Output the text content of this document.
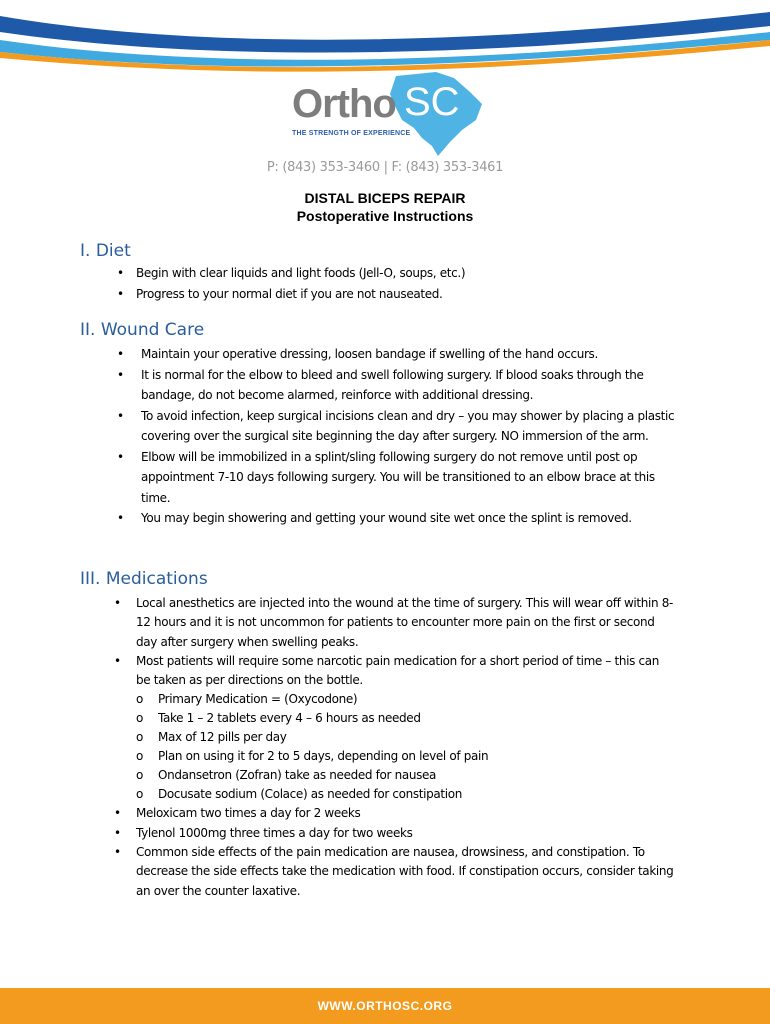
Ortho SC
THE STRENGTH OF EXPERIENCE
P: (843) 353-3460 | F: (843) 353-3461
DISTAL BICEPS REPAIR
Postoperative Instructions
I. Diet
• Begin with clear liquids and light foods (Jell-O, soups, etc.)
• Progress to your normal diet if you are not nauseated.
II. Wound Care
• Maintain your operative dressing, loosen bandage if swelling of the hand occurs.
• It is normal for the elbow to bleed and swell following surgery. If blood soaks through the bandage, do not become alarmed, reinforce with additional dressing.
• To avoid infection, keep surgical incisions clean and dry – you may shower by placing a plastic covering over the surgical site beginning the day after surgery. NO immersion of the arm.
• Elbow will be immobilized in a splint/sling following surgery do not remove until post op appointment 7-10 days following surgery. You will be transitioned to an elbow brace at this time.
• You may begin showering and getting your wound site wet once the splint is removed.
III. Medications
• Local anesthetics are injected into the wound at the time of surgery. This will wear off within 8-12 hours and it is not uncommon for patients to encounter more pain on the first or second day after surgery when swelling peaks.
• Most patients will require some narcotic pain medication for a short period of time – this can be taken as per directions on the bottle.
o Primary Medication = (Oxycodone)
o Take 1 – 2 tablets every 4 – 6 hours as needed
o Max of 12 pills per day
o Plan on using it for 2 to 5 days, depending on level of pain
o Ondansetron (Zofran) take as needed for nausea
o Docusate sodium (Colace) as needed for constipation
• Meloxicam two times a day for 2 weeks
• Tylenol 1000mg three times a day for two weeks
• Common side effects of the pain medication are nausea, drowsiness, and constipation. To decrease the side effects take the medication with food. If constipation occurs, consider taking an over the counter laxative.
WWW.ORTHOSC.ORG
